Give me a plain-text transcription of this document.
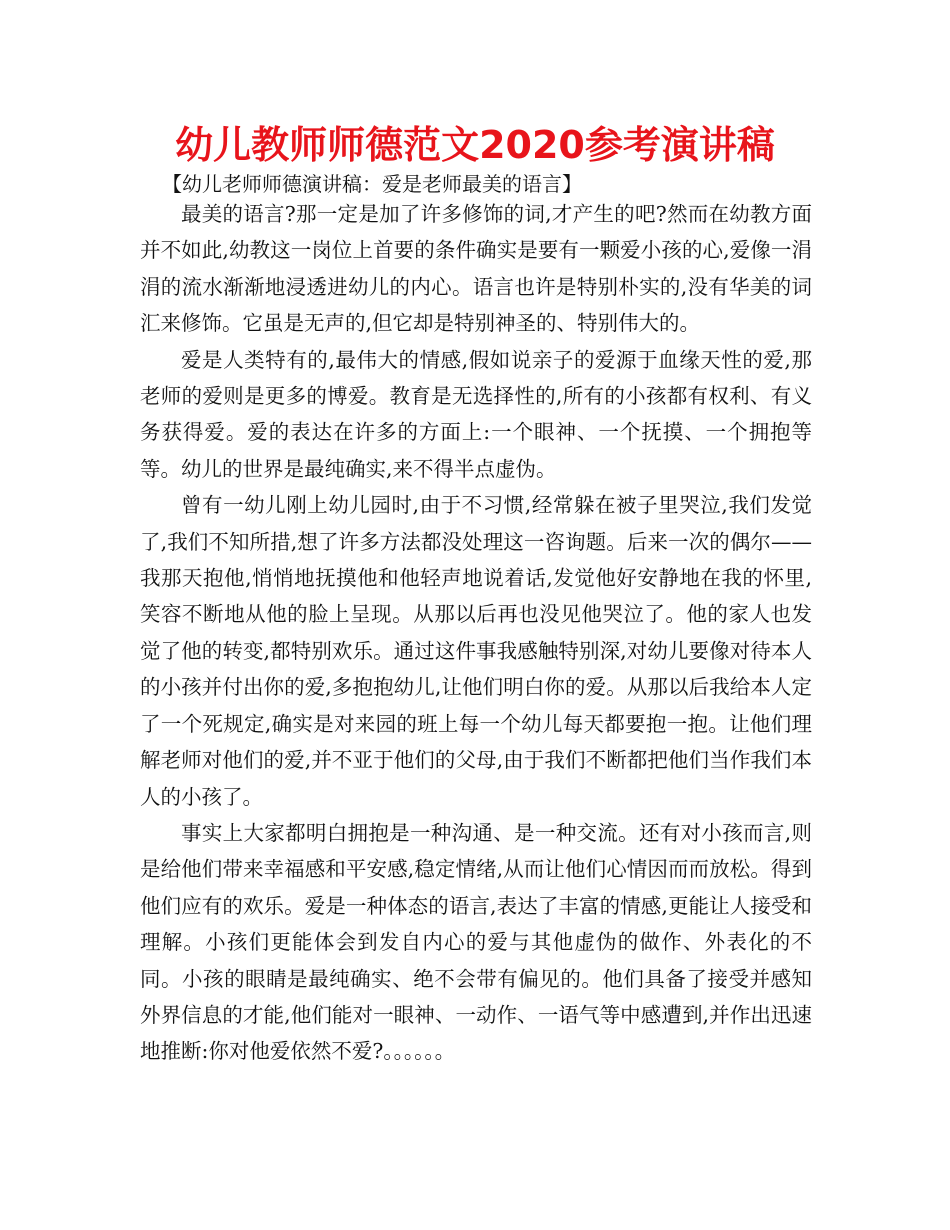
幼儿教师师德范文2020参考演讲稿

【幼儿老师师德演讲稿：爱是老师最美的语言】

最美的语言?那一定是加了许多修饰的词,才产生的吧?然而在幼教方面并不如此,幼教这一岗位上首要的条件确实是要有一颗爱小孩的心,爱像一涓涓的流水渐渐地浸透进幼儿的内心。语言也许是特别朴实的,没有华美的词汇来修饰。它虽是无声的,但它却是特别神圣的、特别伟大的。

爱是人类特有的,最伟大的情感,假如说亲子的爱源于血缘天性的爱,那老师的爱则是更多的博爱。教育是无选择性的,所有的小孩都有权利、有义务获得爱。爱的表达在许多的方面上:一个眼神、一个抚摸、一个拥抱等等。幼儿的世界是最纯确实,来不得半点虚伪。

曾有一幼儿刚上幼儿园时,由于不习惯,经常躲在被子里哭泣,我们发觉了,我们不知所措,想了许多方法都没处理这一咨询题。后来一次的偶尔——我那天抱他,悄悄地抚摸他和他轻声地说着话,发觉他好安静地在我的怀里,笑容不断地从他的脸上呈现。从那以后再也没见他哭泣了。他的家人也发觉了他的转变,都特别欢乐。通过这件事我感触特别深,对幼儿要像对待本人的小孩并付出你的爱,多抱抱幼儿,让他们明白你的爱。从那以后我给本人定了一个死规定,确实是对来园的班上每一个幼儿每天都要抱一抱。让他们理解老师对他们的爱,并不亚于他们的父母,由于我们不断都把他们当作我们本人的小孩了。

事实上大家都明白拥抱是一种沟通、是一种交流。还有对小孩而言,则是给他们带来幸福感和平安感,稳定情绪,从而让他们心情因而而放松。得到他们应有的欢乐。爱是一种体态的语言,表达了丰富的情感,更能让人接受和理解。小孩们更能体会到发自内心的爱与其他虚伪的做作、外表化的不同。小孩的眼睛是最纯确实、绝不会带有偏见的。他们具备了接受并感知外界信息的才能,他们能对一眼神、一动作、一语气等中感遭到,并作出迅速地推断:你对他爱依然不爱?。。。。。。
